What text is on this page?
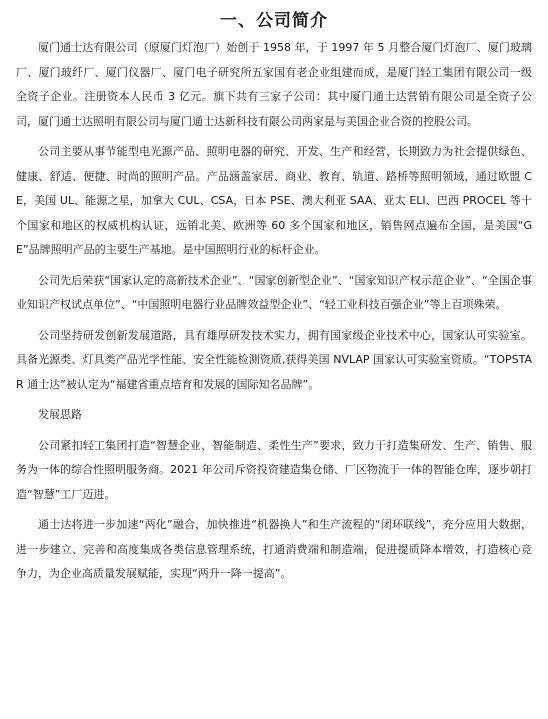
一、公司简介

厦门通士达有限公司（原厦门灯泡厂）始创于 1958 年，于 1997 年 5 月整合厦门灯泡厂、厦门玻璃厂、厦门玻纤厂、厦门仪器厂、厦门电子研究所五家国有老企业组建而成，是厦门轻工集团有限公司一级全资子企业。注册资本人民币 3 亿元。旗下共有三家子公司：其中厦门通士达营销有限公司是全资子公司，厦门通士达照明有限公司与厦门通士达新科技有限公司两家是与美国企业合资的控股公司。

公司主要从事节能型电光源产品、照明电器的研究、开发、生产和经营，长期致力为社会提供绿色、健康、舒适、便捷、时尚的照明产品。产品涵盖家居、商业、教育、轨道、路桥等照明领域，通过欧盟 CE，美国 UL、能源之星，加拿大 CUL、CSA，日本 PSE、澳大利亚 SAA、亚太 ELI、巴西 PROCEL 等十个国家和地区的权威机构认证，远销北美、欧洲等 60 多个国家和地区，销售网点遍布全国，是美国“GE”品牌照明产品的主要生产基地。是中国照明行业的标杆企业。

公司先后荣获“国家认定的高新技术企业”、“国家创新型企业”、“国家知识产权示范企业”、“全国企事业知识产权试点单位”、“中国照明电器行业品牌效益型企业”、“轻工业科技百强企业”等上百项殊荣。

公司坚持研发创新发展道路，具有雄厚研发技术实力，拥有国家级企业技术中心，国家认可实验室。具备光源类、灯具类产品光学性能、安全性能检测资质,获得美国 NVLAP 国家认可实验室资质。“TOPSTAR 通士达”被认定为“福建省重点培育和发展的国际知名品牌”。

发展思路

公司紧扣轻工集团打造“智慧企业、智能制造、柔性生产”要求，致力于打造集研发、生产、销售、服务为一体的综合性照明服务商。2021 年公司斥资投资建造集仓储、厂区物流于一体的智能仓库，逐步朝打造“智慧”工厂迈进。

通士达将进一步加速“两化”融合，加快推进“机器换人”和生产流程的“闭环联线”，充分应用大数据，进一步建立、完善和高度集成各类信息管理系统，打通消费端和制造端，促进提质降本增效，打造核心竞争力，为企业高质量发展赋能，实现“两升一降一提高”。
